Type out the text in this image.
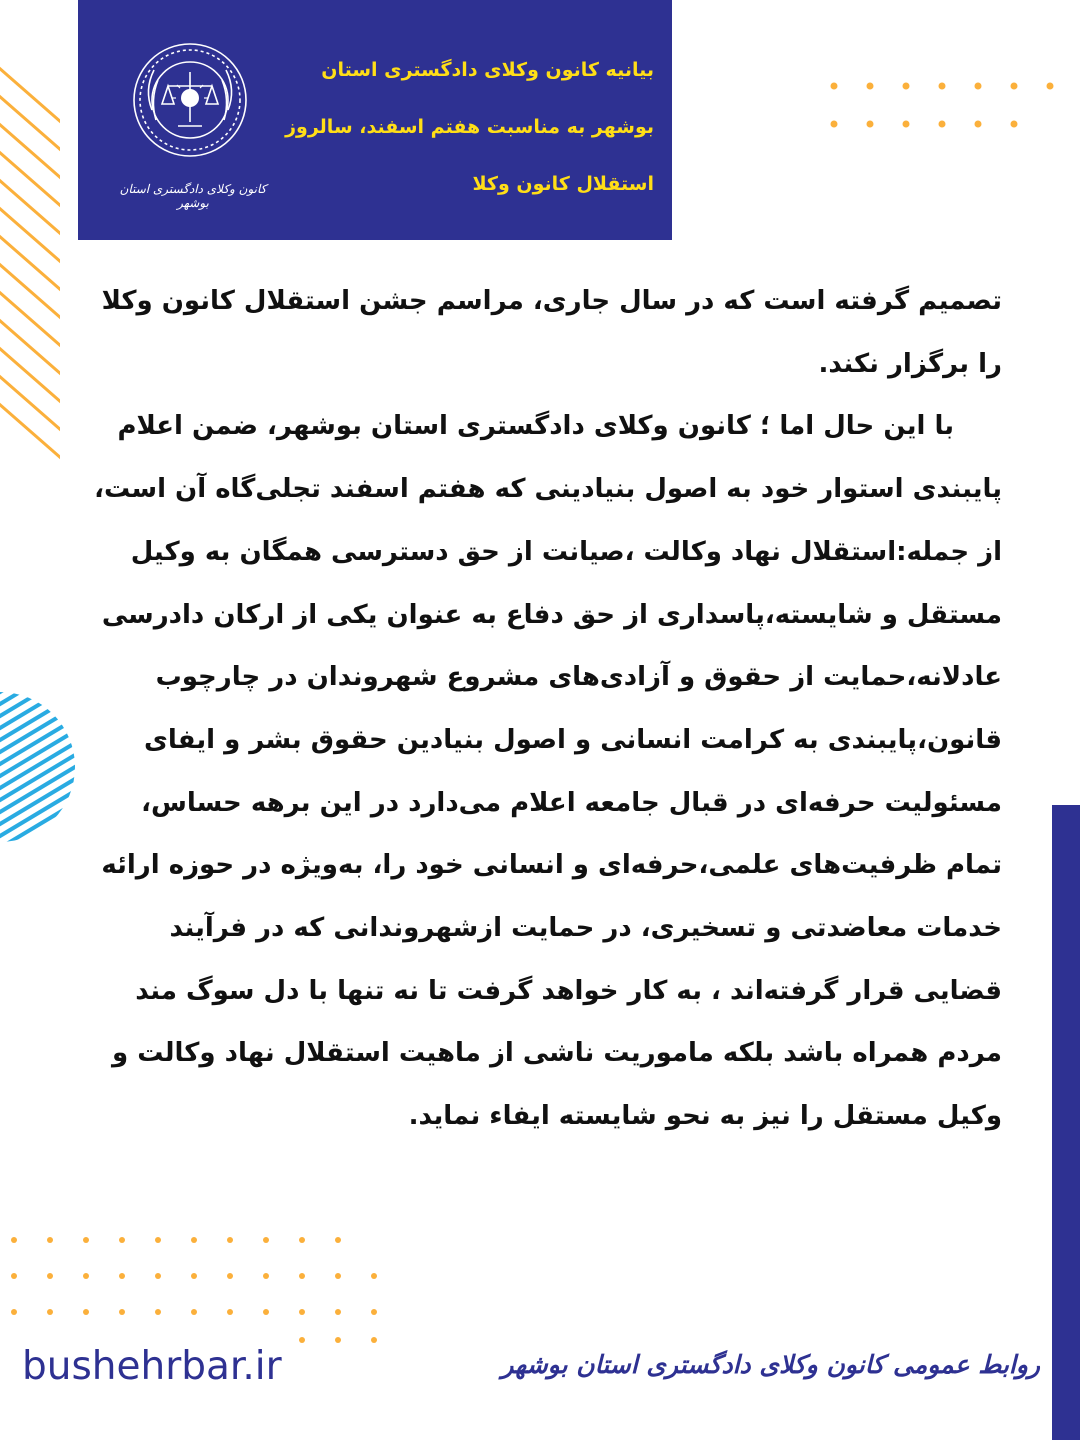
کانون وکلای دادگستری استان بوشهر
بیانیه کانون وکلای دادگستری استان
بوشهر به مناسبت هفتم اسفند، سالروز
استقلال کانون وکلا

تصمیم گرفته است که در سال جاری، مراسم جشن استقلال کانون وکلا را برگزار نکند.

با این حال اما ؛ کانون وکلای دادگستری استان بوشهر، ضمن اعلام پایبندی استوار خود به اصول بنیادینی که هفتم اسفند تجلی‌گاه آن است، از جمله:استقلال نهاد وکالت ،صیانت از حق دسترسی همگان به وکیل مستقل و شایسته،پاسداری از حق دفاع به عنوان یکی از ارکان دادرسی عادلانه،حمایت از حقوق و آزادی‌های مشروع شهروندان در چارچوب قانون،پایبندی به کرامت انسانی و اصول بنیادین حقوق بشر و ایفای مسئولیت حرفه‌ای در قبال جامعه اعلام می‌دارد در این برهه حساس، تمام ظرفیت‌های علمی،حرفه‌ای و انسانی خود را، به‌ویژه در حوزه ارائه خدمات معاضدتی و تسخیری، در حمایت ازشهروندانی که در فرآیند قضایی قرار گرفته‌اند ، به کار خواهد گرفت تا نه تنها با دل سوگ مند مردم همراه باشد بلکه ماموریت ناشی از ماهیت استقلال نهاد وکالت و وکیل مستقل را نیز به نحو شایسته ایفاء نماید.

bushehrbar.ir	روابط عمومی کانون وکلای دادگستری استان بوشهر
